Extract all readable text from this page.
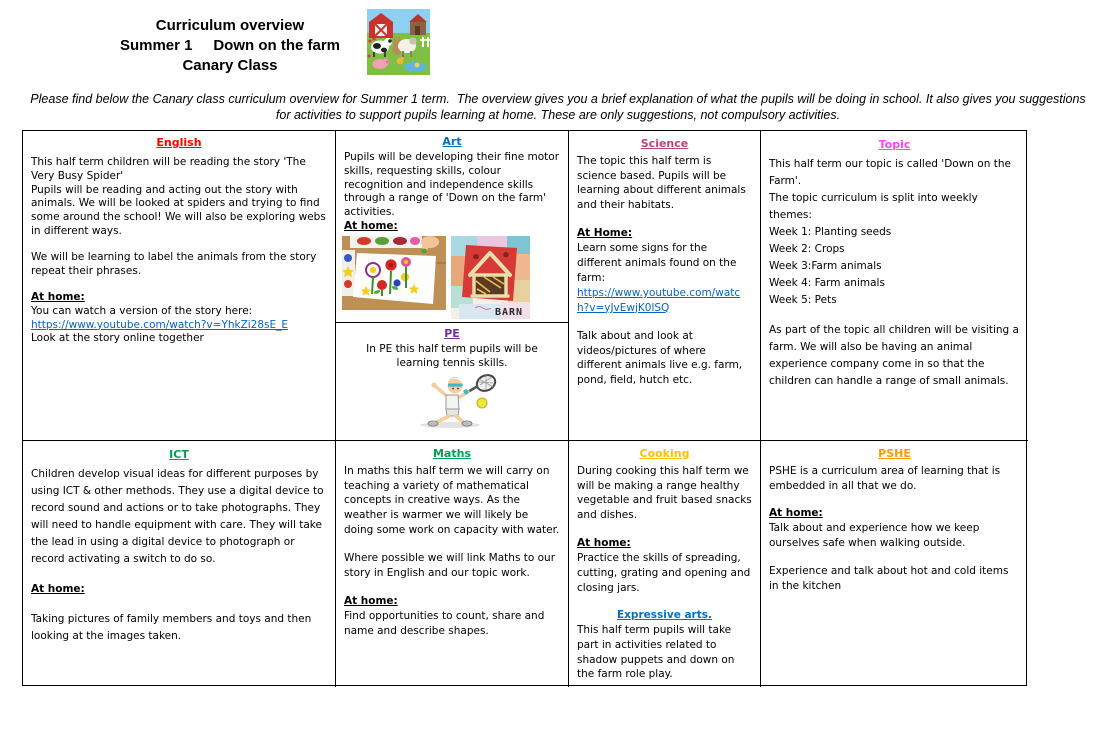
Curriculum overview
Summer 1     Down on the farm
Canary Class
Please find below the Canary class curriculum overview for Summer 1 term.  The overview gives you a brief explanation of what the pupils will be doing in school. It also gives you suggestions for activities to support pupils learning at home. These are only suggestions, not compulsory activities.
English

This half term children will be reading the story 'The Very Busy Spider'

Pupils will be reading and acting out the story with animals. We will be looked at spiders and trying to find some around the school! We will also be exploring webs in different ways.

We will be learning to label the animals from the story repeat their phrases.

At home:

You can watch a version of the story here:

https://www.youtube.com/watch?v=YhkZi28sE_E

Look at the story online together

Art

Pupils will be developing their fine motor skills, requesting skills, colour recognition and independence skills through a range of 'Down on the farm' activities.

At home:

BARN
PE

In PE this half term pupils will be learning tennis skills.

Science

The topic this half term is science based. Pupils will be learning about different animals and their habitats.

At Home:

Learn some signs for the different animals found on the farm:

https://www.youtube.com/watch?v=yJvEwjK0lSQ

Talk about and look at videos/pictures of where different animals live e.g. farm, pond, field, hutch etc.

Topic

This half term our topic is called 'Down on the Farm'.

The topic curriculum is split into weekly themes:

Week 1: Planting seeds

Week 2: Crops

Week 3:Farm animals

Week 4: Farm animals

Week 5: Pets

As part of the topic all children will be visiting a farm. We will also be having an animal experience company come in so that the children can handle a range of small animals.

ICT

Children develop visual ideas for different purposes by using ICT & other methods. They use a digital device to record sound and actions or to take photographs. They will need to handle equipment with care. They will take the lead in using a digital device to photograph or record activating a switch to do so.

At home:

Taking pictures of family members and toys and then looking at the images taken.

Maths

In maths this half term we will carry on teaching a variety of mathematical concepts in creative ways. As the weather is warmer we will likely be doing some work on capacity with water.

Where possible we will link Maths to our story in English and our topic work.

At home:

Find opportunities to count, share and name and describe shapes.

Cooking

During cooking this half term we will be making a range healthy vegetable and fruit based snacks and dishes.

At home:

Practice the skills of spreading, cutting, grating and opening and closing jars.

Expressive arts.

This half term pupils will take part in activities related to shadow puppets and down on the farm role play.

PSHE

PSHE is a curriculum area of learning that is embedded in all that we do.

At home:

Talk about and experience how we keep ourselves safe when walking outside.

Experience and talk about hot and cold items in the kitchen
